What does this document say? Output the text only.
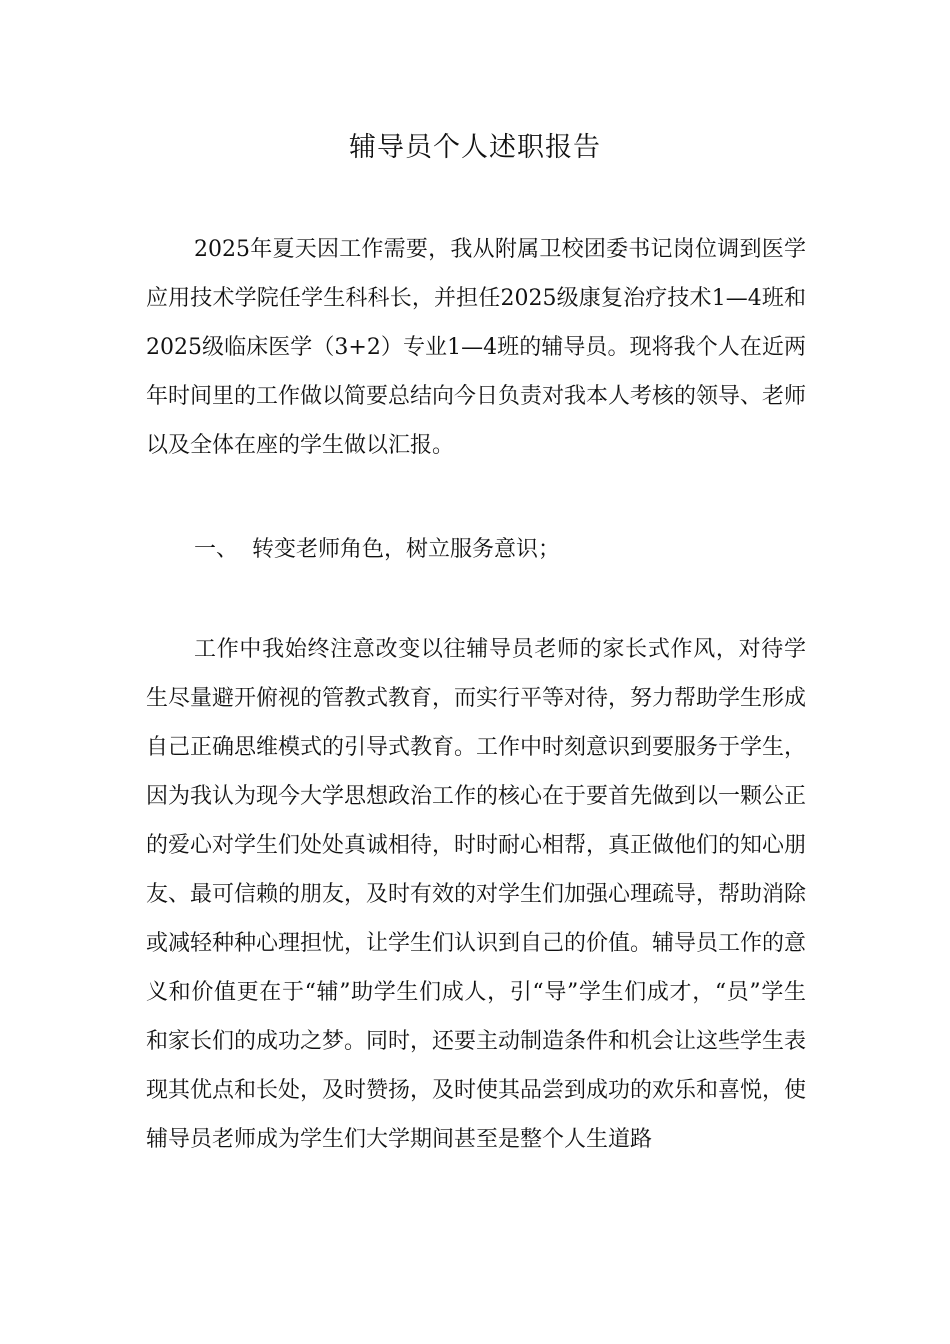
辅导员个人述职报告
2025年夏天因工作需要，我从附属卫校团委书记岗位调到医学应用技术学院任学生科科长，并担任2025级康复治疗技术1—4班和2025级临床医学（3+2）专业1—4班的辅导员。现将我个人在近两年时间里的工作做以简要总结向今日负责对我本人考核的领导、老师以及全体在座的学生做以汇报。
一、 转变老师角色，树立服务意识；
工作中我始终注意改变以往辅导员老师的家长式作风，对待学生尽量避开俯视的管教式教育，而实行平等对待，努力帮助学生形成自己正确思维模式的引导式教育。工作中时刻意识到要服务于学生，因为我认为现今大学思想政治工作的核心在于要首先做到以一颗公正的爱心对学生们处处真诚相待，时时耐心相帮，真正做他们的知心朋友、最可信赖的朋友，及时有效的对学生们加强心理疏导，帮助消除或减轻种种心理担忧，让学生们认识到自己的价值。辅导员工作的意义和价值更在于“辅”助学生们成人，引“导”学生们成才，“员”学生和家长们的成功之梦。同时，还要主动制造条件和机会让这些学生表现其优点和长处，及时赞扬，及时使其品尝到成功的欢乐和喜悦，使辅导员老师成为学生们大学期间甚至是整个人生道路
